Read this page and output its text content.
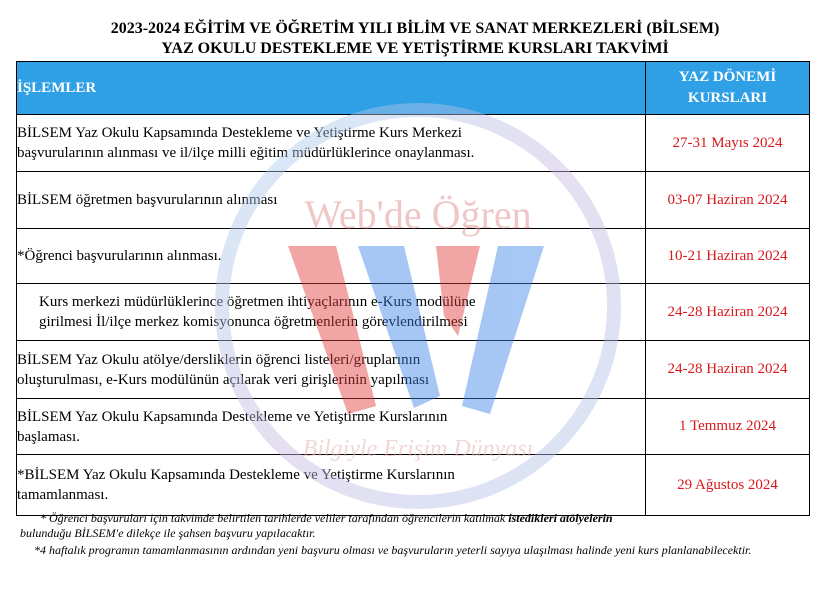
2023-2024 EĞİTİM VE ÖĞRETİM YILI BİLİM VE SANAT MERKEZLERİ (BİLSEM)
YAZ OKULU DESTEKLEME VE YETİŞTİRME KURSLARI TAKVİMİ
İŞLEMLER	YAZ DÖNEMİ
KURSLARI

BİLSEM Yaz Okulu Kapsamında Destekleme ve Yetiştirme Kurs Merkezi
başvurularının alınması ve il/ilçe milli eğitim müdürlüklerince onaylanması.	27-31 Mayıs 2024

BİLSEM öğretmen başvurularının alınması	03-07 Haziran 2024

*Öğrenci başvurularının alınması.	10-21 Haziran 2024

Kurs merkezi müdürlüklerince öğretmen ihtiyaçlarının e-Kurs modülüne
girilmesi İl/ilçe merkez komisyonunca öğretmenlerin görevlendirilmesi	24-28 Haziran 2024

BİLSEM Yaz Okulu atölye/dersliklerin öğrenci listeleri/gruplarının
oluşturulması, e-Kurs modülünün açılarak veri girişlerinin yapılması	24-28 Haziran 2024

BİLSEM Yaz Okulu Kapsamında Destekleme ve Yetiştirme Kurslarının
başlaması.	1 Temmuz 2024

*BİLSEM Yaz Okulu Kapsamında Destekleme ve Yetiştirme Kurslarının
tamamlanması.	29 Ağustos 2024
Web'de Öğren
Bilgiyle Erişim Dünyası

* Öğrenci başvuruları için takvimde belirtilen tarihlerde veliler tarafından öğrencilerin katılmak istedikleri atölyelerin

bulunduğu BİLSEM'e dilekçe ile şahsen başvuru yapılacaktır.

*4 haftalık programın tamamlanmasının ardından yeni başvuru olması ve başvuruların yeterli sayıya ulaşılması halinde yeni kurs planlanabilecektir.
